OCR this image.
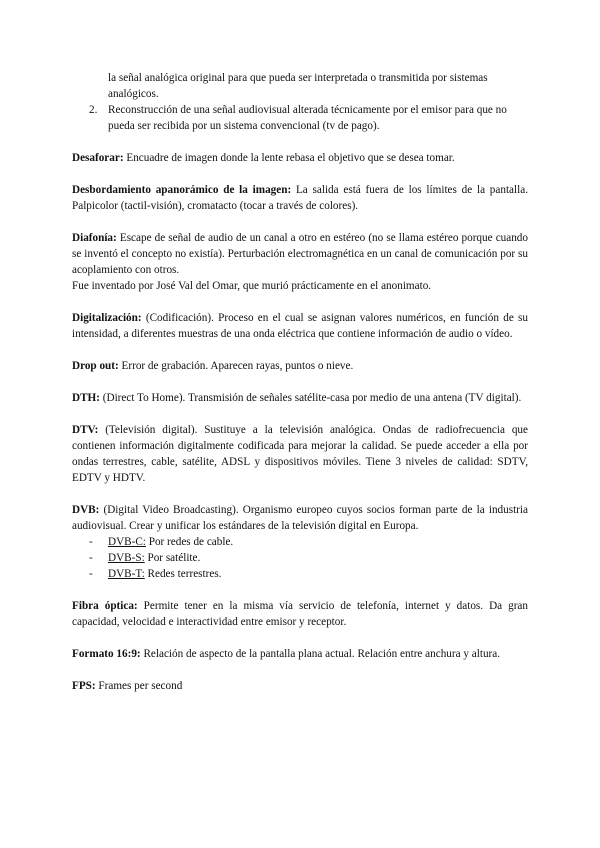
la señal analógica original para que pueda ser interpretada o transmitida por sistemas analógicos.
2. Reconstrucción de una señal audiovisual alterada técnicamente por el emisor para que no pueda ser recibida por un sistema convencional (tv de pago).

Desaforar: Encuadre de imagen donde la lente rebasa el objetivo que se desea tomar.

Desbordamiento apanorámico de la imagen: La salida está fuera de los límites de la pantalla. Palpicolor (tactil-visión), cromatacto (tocar a través de colores).

Diafonía: Escape de señal de audio de un canal a otro en estéreo (no se llama estéreo porque cuando se inventó el concepto no existía). Perturbación electromagnética en un canal de comunicación por su acoplamiento con otros.

Fue inventado por José Val del Omar, que murió prácticamente en el anonimato.

Digitalización: (Codificación). Proceso en el cual se asignan valores numéricos, en función de su intensidad, a diferentes muestras de una onda eléctrica que contiene información de audio o vídeo.

Drop out: Error de grabación. Aparecen rayas, puntos o nieve.

DTH: (Direct To Home). Transmisión de señales satélite-casa por medio de una antena (TV digital).

DTV: (Televisión digital). Sustituye a la televisión analógica. Ondas de radiofrecuencia que contienen información digitalmente codificada para mejorar la calidad. Se puede acceder a ella por ondas terrestres, cable, satélite, ADSL y dispositivos móviles. Tiene 3 niveles de calidad: SDTV, EDTV y HDTV.

DVB: (Digital Video Broadcasting). Organismo europeo cuyos socios forman parte de la industria audiovisual. Crear y unificar los estándares de la televisión digital en Europa.

- DVB-C: Por redes de cable.
- DVB-S: Por satélite.
- DVB-T: Redes terrestres.

Fibra óptica: Permite tener en la misma vía servicio de telefonía, internet y datos. Da gran capacidad, velocidad e interactividad entre emisor y receptor.

Formato 16:9: Relación de aspecto de la pantalla plana actual. Relación entre anchura y altura.

FPS: Frames per second
